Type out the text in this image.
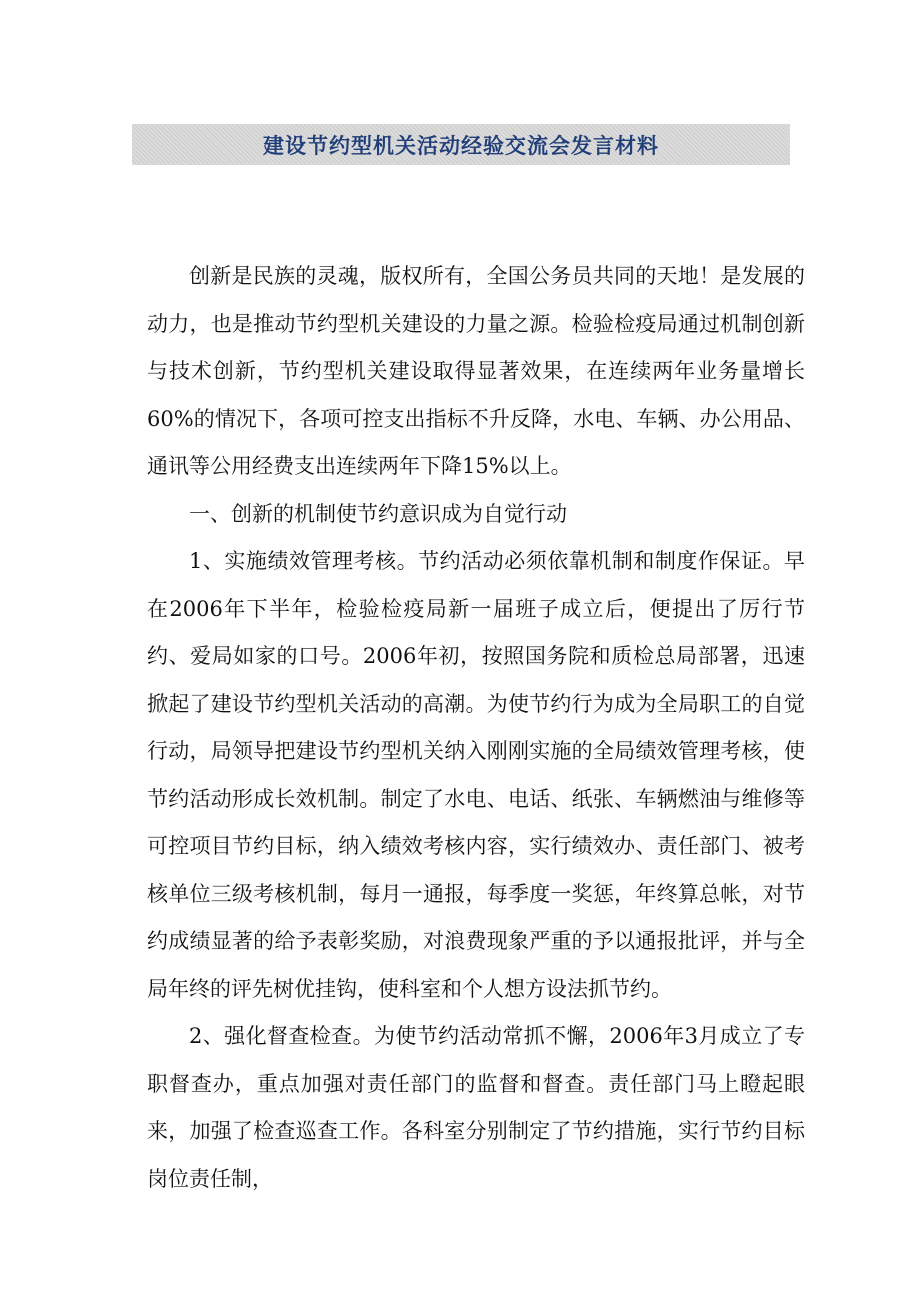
建设节约型机关活动经验交流会发言材料

创新是民族的灵魂，版权所有，全国公务员共同的天地！是发展的动力，也是推动节约型机关建设的力量之源。检验检疫局通过机制创新与技术创新，节约型机关建设取得显著效果，在连续两年业务量增长60%的情况下，各项可控支出指标不升反降，水电、车辆、办公用品、通讯等公用经费支出连续两年下降15%以上。

一、创新的机制使节约意识成为自觉行动

1、实施绩效管理考核。节约活动必须依靠机制和制度作保证。早在2006年下半年，检验检疫局新一届班子成立后，便提出了厉行节约、爱局如家的口号。2006年初，按照国务院和质检总局部署，迅速掀起了建设节约型机关活动的高潮。为使节约行为成为全局职工的自觉行动，局领导把建设节约型机关纳入刚刚实施的全局绩效管理考核，使节约活动形成长效机制。制定了水电、电话、纸张、车辆燃油与维修等可控项目节约目标，纳入绩效考核内容，实行绩效办、责任部门、被考核单位三级考核机制，每月一通报，每季度一奖惩，年终算总帐，对节约成绩显著的给予表彰奖励，对浪费现象严重的予以通报批评，并与全局年终的评先树优挂钩，使科室和个人想方设法抓节约。

2、强化督查检查。为使节约活动常抓不懈，2006年3月成立了专职督查办，重点加强对责任部门的监督和督查。责任部门马上瞪起眼来，加强了检查巡查工作。各科室分别制定了节约措施，实行节约目标岗位责任制，
